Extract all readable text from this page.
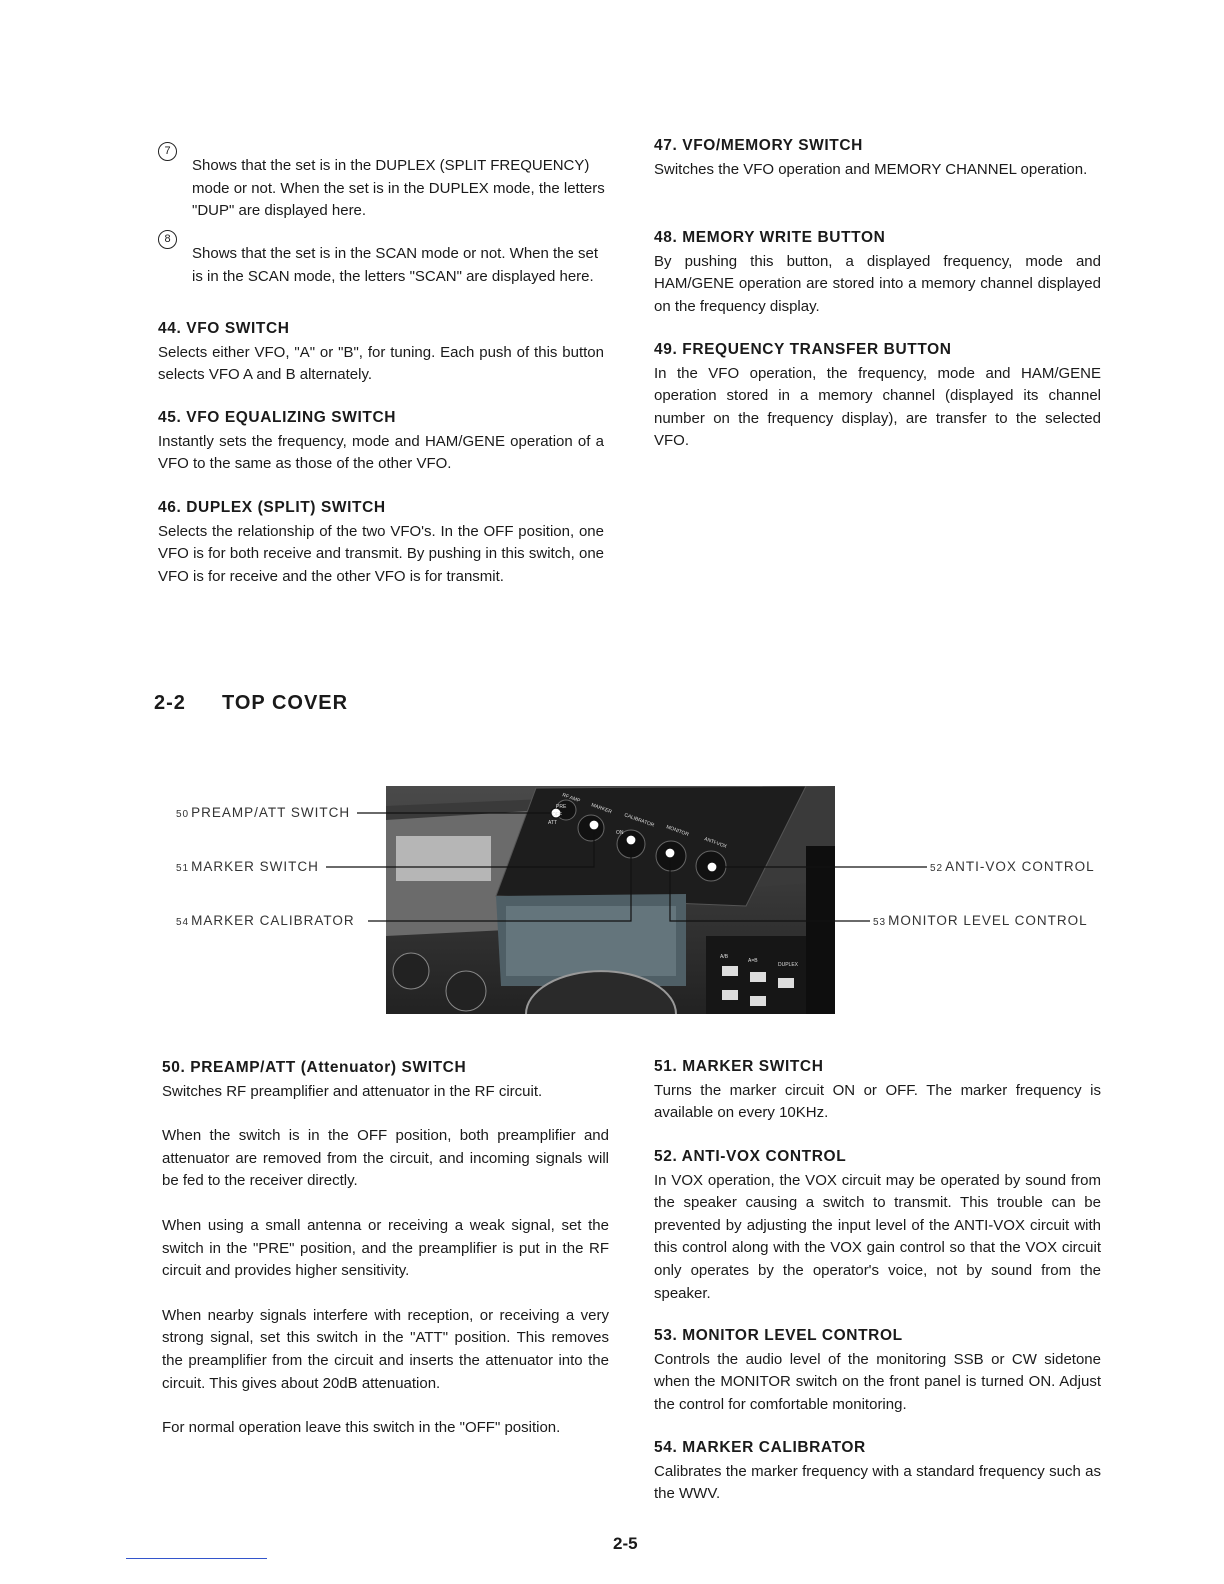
7

Shows that the set is in the DUPLEX (SPLIT FREQUENCY) mode or not. When the set is in the DUPLEX mode, the letters "DUP" are displayed here.

8

Shows that the set is in the SCAN mode or not. When the set is in the SCAN mode, the letters "SCAN" are displayed here.

44. VFO SWITCH

Selects either VFO, "A" or "B", for tuning. Each push of this button selects VFO A and B alternately.

45. VFO EQUALIZING SWITCH

Instantly sets the frequency, mode and HAM/GENE operation of a VFO to the same as those of the other VFO.

46. DUPLEX (SPLIT) SWITCH

Selects the relationship of the two VFO's. In the OFF position, one VFO is for both receive and transmit. By pushing in this switch, one VFO is for receive and the other VFO is for transmit.

47. VFO/MEMORY SWITCH

Switches the VFO operation and MEMORY CHANNEL operation.

48. MEMORY WRITE BUTTON

By pushing this button, a displayed frequency, mode and HAM/GENE operation are stored into a memory channel displayed on the frequency display.

49. FREQUENCY TRANSFER BUTTON

In the VFO operation, the frequency, mode and HAM/GENE operation stored in a memory channel (displayed its channel number on the frequency display), are transfer to the selected VFO.

2-2 TOP COVER
50 PREAMP/ATT SWITCH
51 MARKER SWITCH
54 MARKER CALIBRATOR
52 ANTI-VOX CONTROL
53 MONITOR LEVEL CONTROL
RF AMP
MARKER
CALIBRATOR
MONITOR
ANTI-VOX
PRE
OFF
ATT
ON
A/B
A=B
DUPLEX
50. PREAMP/ATT (Attenuator) SWITCH

Switches RF preamplifier and attenuator in the RF circuit.

When the switch is in the OFF position, both preamplifier and attenuator are removed from the circuit, and incoming signals will be fed to the receiver directly.

When using a small antenna or receiving a weak signal, set the switch in the "PRE" position, and the preamplifier is put in the RF circuit and provides higher sensitivity.

When nearby signals interfere with reception, or receiving a very strong signal, set this switch in the "ATT" position. This removes the preamplifier from the circuit and inserts the attenuator into the circuit. This gives about 20dB attenuation.

For normal operation leave this switch in the "OFF" position.

51. MARKER SWITCH

Turns the marker circuit ON or OFF. The marker frequency is available on every 10KHz.

52. ANTI-VOX CONTROL

In VOX operation, the VOX circuit may be operated by sound from the speaker causing a switch to transmit. This trouble can be prevented by adjusting the input level of the ANTI-VOX circuit with this control along with the VOX gain control so that the VOX circuit only operates by the operator's voice, not by sound from the speaker.

53. MONITOR LEVEL CONTROL

Controls the audio level of the monitoring SSB or CW sidetone when the MONITOR switch on the front panel is turned ON. Adjust the control for comfortable monitoring.

54. MARKER CALIBRATOR

Calibrates the marker frequency with a standard frequency such as the WWV.

2-5
